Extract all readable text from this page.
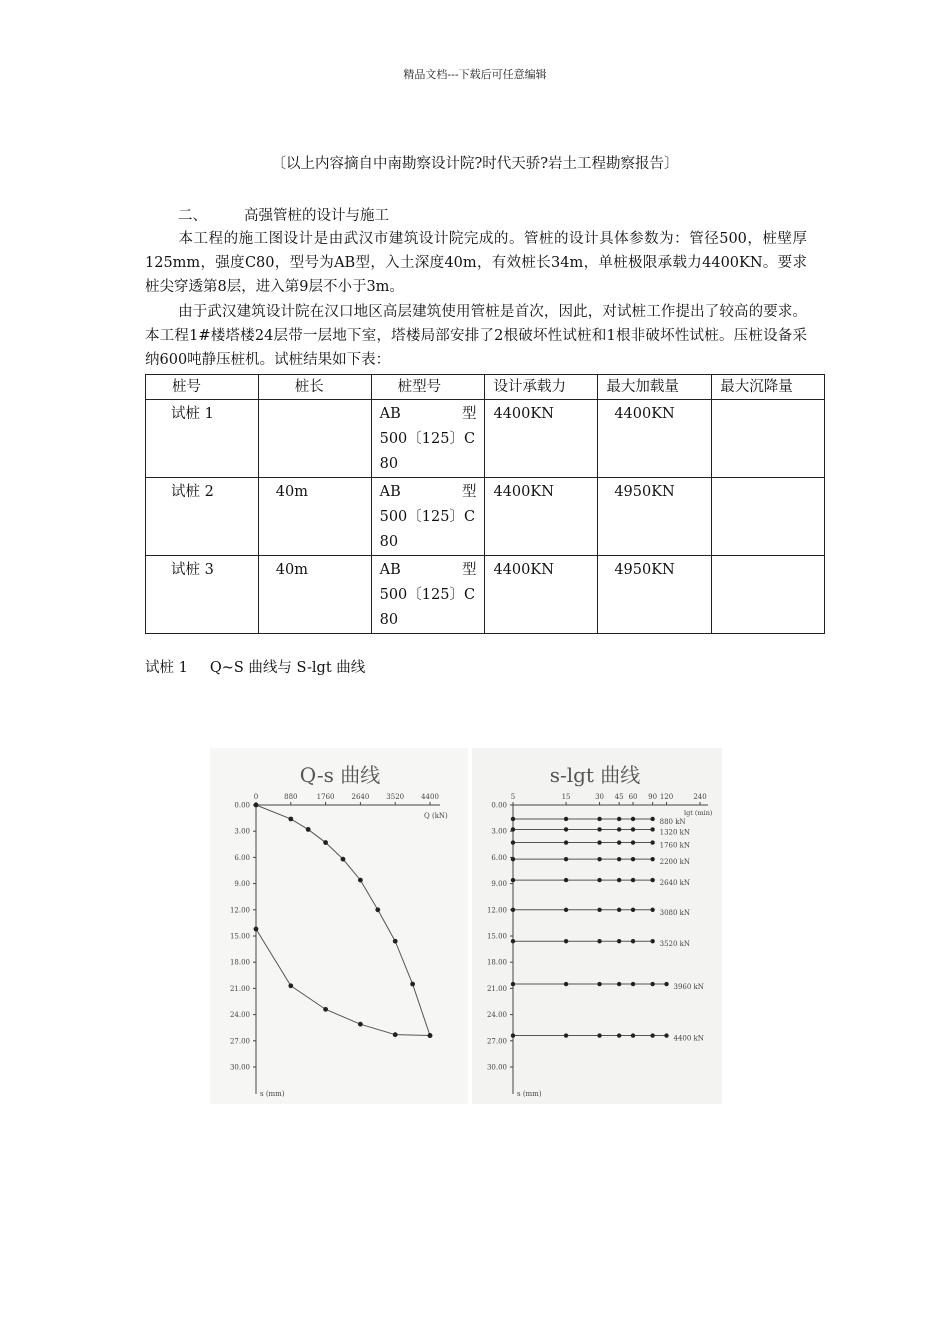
精品文档---下载后可任意编辑
〔以上内容摘自中南勘察设计院?时代天骄?岩土工程勘察报告〕
二、	高强管桩的设计与施工
本工程的施工图设计是由武汉市建筑设计院完成的。管桩的设计具体参数为：管径500，桩壁厚125mm，强度C80，型号为AB型，入土深度40m，有效桩长34m，单桩极限承载力4400KN。要求桩尖穿透第8层，进入第9层不小于3m。
由于武汉建筑设计院在汉口地区高层建筑使用管桩是首次，因此，对试桩工作提出了较高的要求。本工程1#楼塔楼24层带一层地下室，塔楼局部安排了2根破坏性试桩和1根非破坏性试桩。压桩设备采纳600吨静压桩机。试桩结果如下表：
桩号	桩长	桩型号	设计承载力	最大加载量	最大沉降量

试桩 1		AB 型
500〔125〕C
80	4400KN	4400KN	

试桩 2	40m	AB 型
500〔125〕C
80	4400KN	4950KN	

试桩 3	40m	AB 型
500〔125〕C
80	4400KN	4950KN	

试桩 1 Q~S 曲线与 S-lgt 曲线
Q-s 曲线
0	880	1760 2640 3520 4400
Q (kN)
0.00
3.00
6.00
9.00
12.00
15.00
18.00
21.00
24.00
27.00
30.00
s (mm)
s-lgt 曲线
5	15	30 45 60 90 120	240
lgt (min)
0.00
3.00
6.00
9.00
12.00
15.00
18.00
21.00
24.00
27.00
30.00
s (mm)
880 kN
1320 kN
1760 kN
2200 kN
2640 kN
3080 kN
3520 kN
3960 kN
4400 kN
